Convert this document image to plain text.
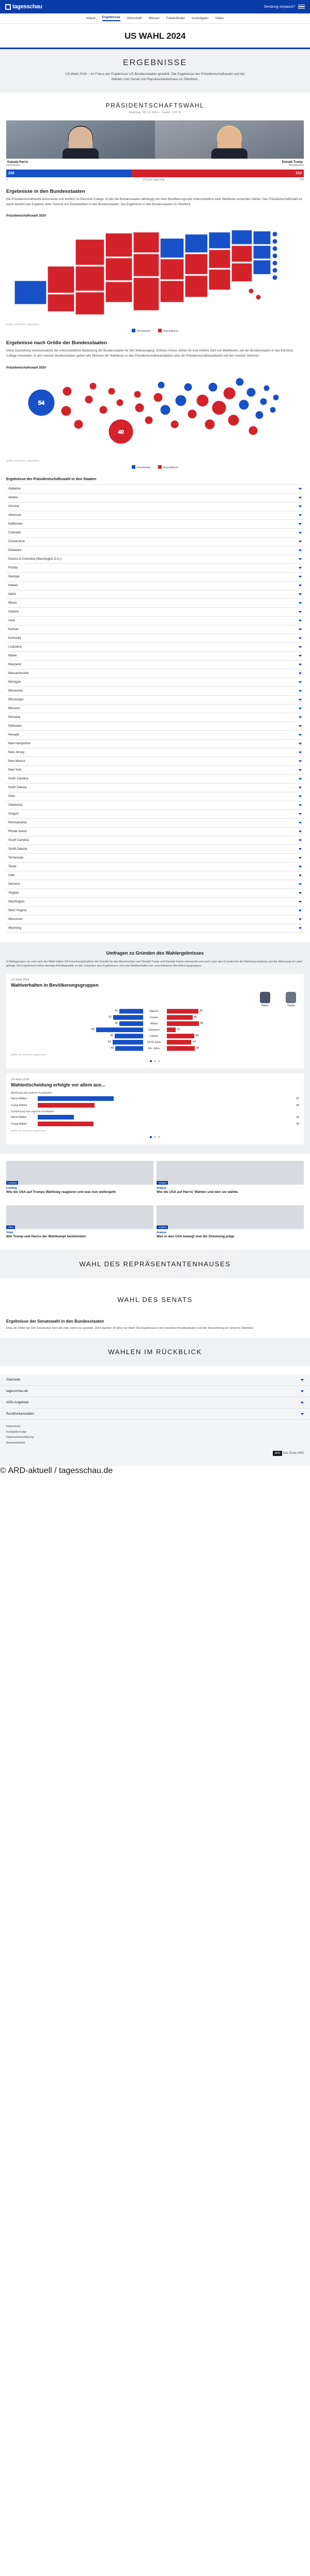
tagesschau	Sendung verpasst?
Inland Ergebnisse Wirtschaft Wissen Faktenfinder Investigativ Video
US WAHL 2024
ERGEBNISSE

US-Wahl 2024 – Im Fokus der Ergebnisse US-Bundesstaaten gewählt. Die Ergebnisse der Präsidentschaftswahl und der Wahlen zum Senat und Repräsentantenhaus im Überblick.

PRÄSIDENTSCHAFTSWAHL
Wahltag: 05.11.2024 / Stand: 100 %
Kamala Harris
Demokraten
Donald Trump
Republikaner
226	312
0	270 zum Sieg nötig	538
Ergebnisse in den Bundesstaaten

Die Präsidentschaftswahl entscheidet sich letztlich im Electoral College. In das die Bundesstaaten abhängig von ihrer Bevölkerungszahl unterschiedlich viele Wahlleute entsenden dürfen. Das Präsidentschaftswahl ist damit letztlich das Ergebnis einer Summe von Einzelwahlen in den Bundesstaaten. Die Ergebnisse in den Bundesstaaten im Überblick.

Präsidentschaftswahl 2024
Quelle: AP/Reuters, tagesschau
Demokraten	Republikaner
Ergebnisse nach Größe der Bundesstaaten

Diese Darstellung veranschaulicht die unterschiedliche Bedeutung der Bundesstaaten für den Wahlausgang. Größere Kreise stehen für eine höhere Zahl von Wahlleuten, die der Bundesstaaten in das Electoral College entsenden. In den meisten Bundesstaaten gehen alle Stimmen der Wahlleute an den Präsidentschaftskandidaten oder die Präsidentschaftskandidatin mit den meisten Stimmen.

Präsidentschaftswahl 2024
54
40
Quelle: AP/Reuters, tagesschau
Demokraten	Republikaner
Ergebnisse der Präsidentschaftswahl in den Staaten
Alabama
Alaska
Arizona
Arkansas
Kalifornien
Colorado
Connecticut
Delaware
District of Columbia (Washington D.C.)
Florida
Georgia
Hawaii
Idaho
Illinois
Indiana
Iowa
Kansas
Kentucky
Louisiana
Maine
Maryland
Massachusetts
Michigan
Minnesota
Mississippi
Missouri
Montana
Nebraska
Nevada
New Hampshire
New Jersey
New Mexico
New York
North Carolina
North Dakota
Ohio
Oklahoma
Oregon
Pennsylvania
Rhode Island
South Carolina
South Dakota
Tennessee
Texas
Utah
Vermont
Virginia
Washington
West Virginia
Wisconsin
Wyoming
Umfragen zu Gründen des Wahlergebnisses

In Befragungen vor und nach der Wahl haben US-Forschungsinstitute die Gründe für das Abschneiden von Donald Trump und Kamala Harris untersucht und auch nach den Gründen für die Wahlentscheidung und die Stimmung im Land gefragt. Die Ergebnisse hellen wichtige Anhaltspunkte zu den Ursachen des Ergebnisses und zum Wahlverhalten der verschiedenen Bevölkerungsgruppen.

US-Wahl 2024
Wahlverhalten in Bevölkerungsgruppen
Harris	Trump
42	Männer	55
53	Frauen	45
42	Weiße	56
83	Schwarze	15
50	Latinos	48
54	18-29 Jahre	43
49	65+ Jahre	49
Quelle: AP VoteCast | tagesschau
US-Wahl 2024
Wahlentscheidung erfolgte vor allem aus...
Ablehnung des anderen Kandidaten
Harris-Wähler	67
Trump-Wähler	50
Zustimmung zum eigenen Kandidaten
Harris-Wähler	32
Trump-Wähler	49
Quelle: AP VoteCast | tagesschau
Liveblog
Liveblog
Wie die USA auf Trumps Wahlsieg reagieren und was nun weitergeht
Analyse
Analyse
Wie die USA auf Harris' Wahlen und wen sie wählte
Video
Video
Wie Trump und Harris der Wahlkampf bestimmten
Analyse
Analyse
Was in den USA bewegt und die Stimmung prägt
WAHL DES REPRÄSENTANTENHAUSES
WAHL DES SENATS
Ergebnisse der Senatswahl in den Bundesstaaten

Etwa ein Drittel der 100 Senatssitze wird alle zwei Jahre neu gewählt. 2024 standen 34 Sitze zur Wahl. Die Ergebnisse in den einzelnen Bundesstaaten und die Sitzverteilung im Senat im Überblick.

WAHLEN IM RÜCKBLICK
Startseite
tagesschau.de
ARD-Angebote
Rundfunkanstalten
Impressum
Kontaktformular
Datenschutzerklärung
Barrierefreiheit
ARD Das Erste ARD
© ARD-aktuell / tagesschau.de
